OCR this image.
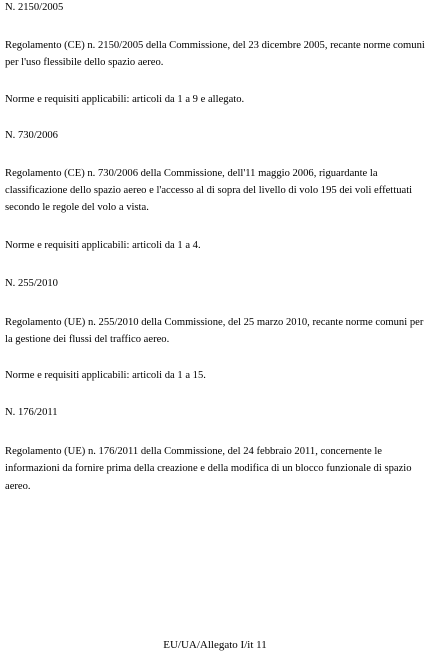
N. 2150/2005
Regolamento (CE) n. 2150/2005 della Commissione, del 23 dicembre 2005, recante norme comuni
per l'uso flessibile dello spazio aereo.
Norme e requisiti applicabili: articoli da 1 a 9 e allegato.
N. 730/2006
Regolamento (CE) n. 730/2006 della Commissione, dell'11 maggio 2006, riguardante la
classificazione dello spazio aereo e l'accesso al di sopra del livello di volo 195 dei voli effettuati
secondo le regole del volo a vista.
Norme e requisiti applicabili: articoli da 1 a 4.
N. 255/2010
Regolamento (UE) n. 255/2010 della Commissione, del 25 marzo 2010, recante norme comuni per
la gestione dei flussi del traffico aereo.
Norme e requisiti applicabili: articoli da 1 a 15.
N. 176/2011
Regolamento (UE) n. 176/2011 della Commissione, del 24 febbraio 2011, concernente le
informazioni da fornire prima della creazione e della modifica di un blocco funzionale di spazio
aereo.
EU/UA/Allegato I/it 11
